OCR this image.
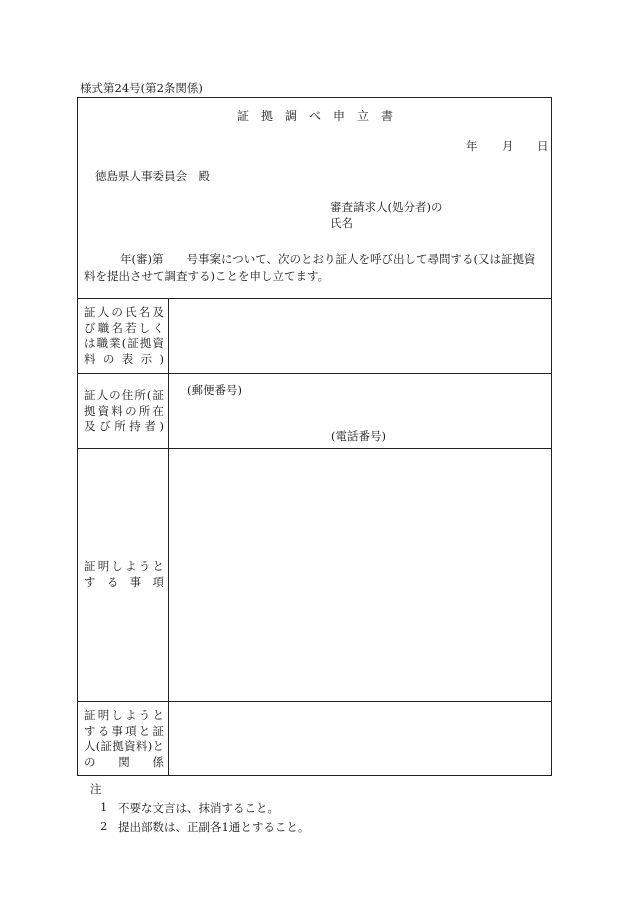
様式第24号(第2条関係)
証　拠　調　べ　申　立　書
年 月 日
徳島県人事委員会　殿
審査請求人(処分者)の
氏名
年(審)第　　号事案について、次のとおり証人を呼び出して尋問する(又は証拠資料を提出させて調査する)ことを申し立てます。
証人の氏名及び職名若しくは職業(証拠資料の表示)
証人の住所(証拠資料の所在及び所持者)
証明しようとする事項
証明しようとする事項と証人(証拠資料)との関係
(郵便番号)
(電話番号)
注
1 不要な文言は、抹消すること。
2 提出部数は、正副各1通とすること。
